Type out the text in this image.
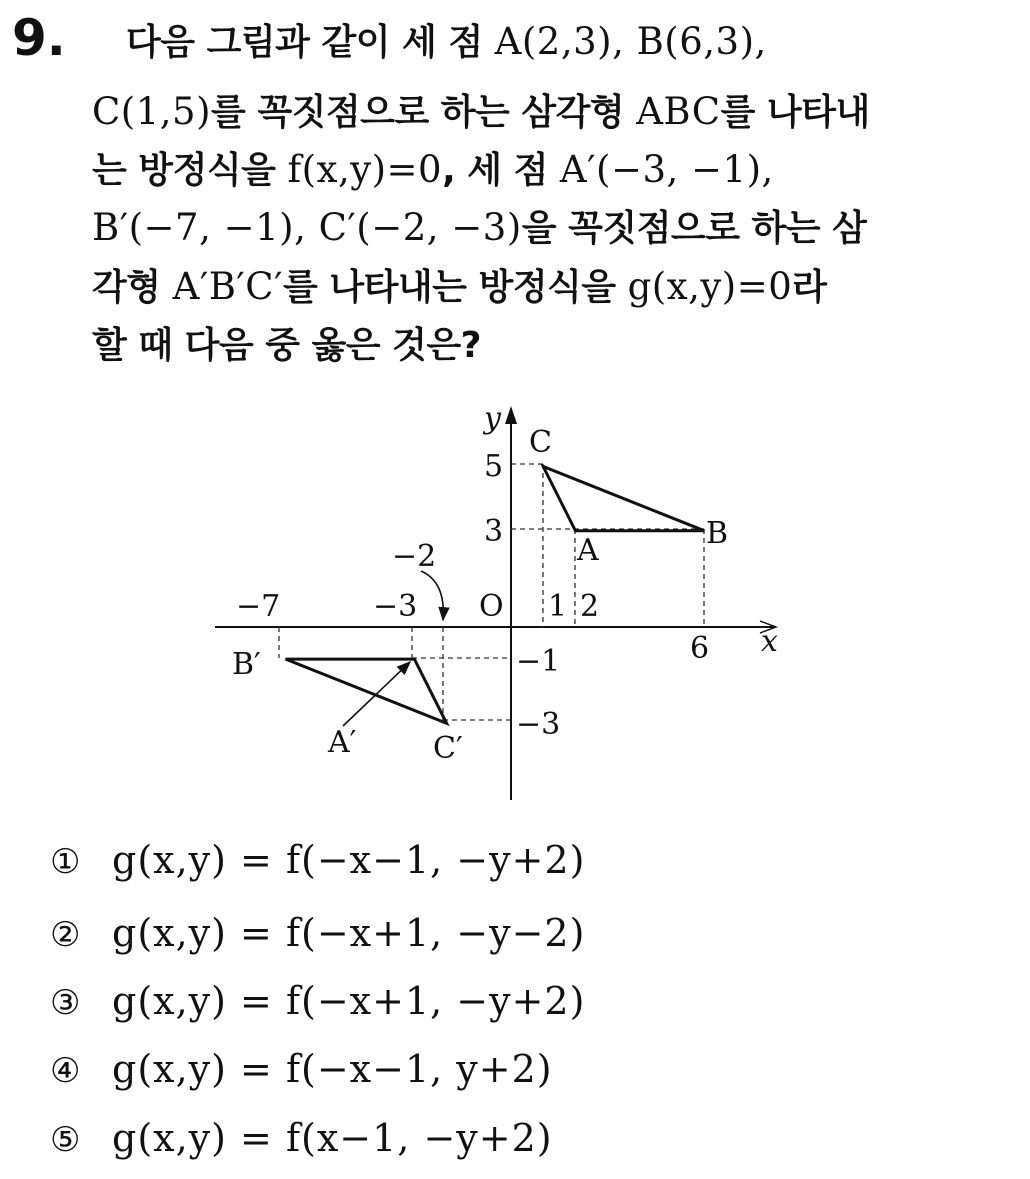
9. 다음 그림과 같이 세 점 A(2,3), B(6,3),
C(1,5)를 꼭짓점으로 하는 삼각형 ABC를 나타내
는 방정식을 f(x,y)=0, 세 점 A′(−3, −1),
B′(−7, −1), C′(−2, −3)을 꼭짓점으로 하는 삼
각형 A′B′C′를 나타내는 방정식을 g(x,y)=0라
할 때 다음 중 옳은 것은?
y
x
O
C
B
A
B′
A′	C′
5
3
−1
−3
1 2
6
−7	−3
−2
① g(x,y) = f(−x−1, −y+2)
② g(x,y) = f(−x+1, −y−2)
③ g(x,y) = f(−x+1, −y+2)
④ g(x,y) = f(−x−1, y+2)
⑤ g(x,y) = f(x−1, −y+2)
